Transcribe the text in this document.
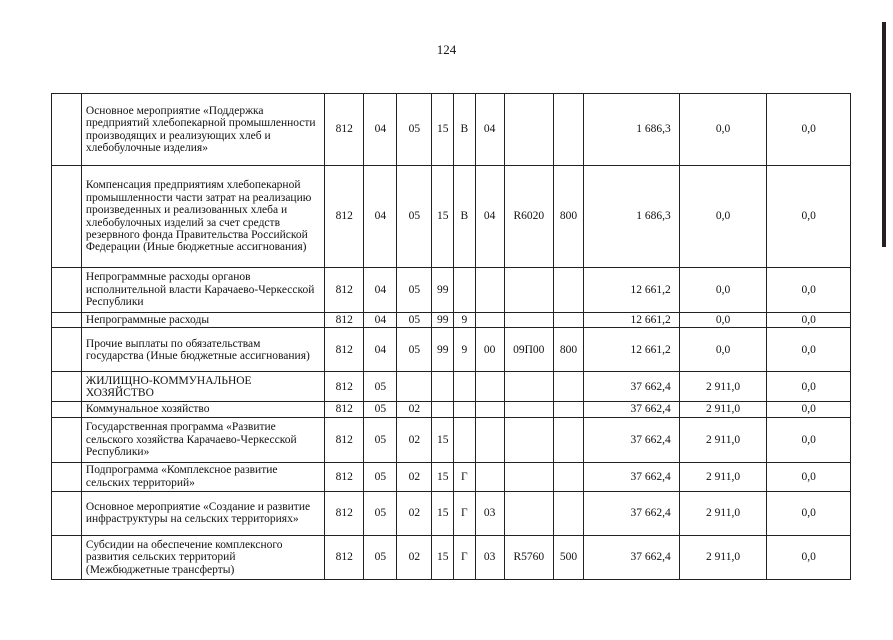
124
	Основное мероприятие «Поддержка предприятий хлебопекарной промышленности производящих и реализующих хлеб и хлебобулочные изделия»	812	04	05	15	В	04			1 686,3	0,0	0,0
	Компенсация предприятиям хлебопекарной промышленности части затрат на реализацию произведенных и реализованных хлеба и хлебобулочных изделий за счет средств резервного фонда Правительства Российской Федерации (Иные бюджетные ассигнования)	812	04	05	15	В	04	R6020	800	1 686,3	0,0	0,0
	Непрограммные расходы органов исполнительной власти Карачаево-Черкесской Республики	812	04	05	99					12 661,2	0,0	0,0
	Непрограммные расходы	812	04	05	99	9				12 661,2	0,0	0,0
	Прочие выплаты по обязательствам государства (Иные бюджетные ассигнования)	812	04	05	99	9	00	09П00	800	12 661,2	0,0	0,0
	ЖИЛИЩНО-КОММУНАЛЬНОЕ ХОЗЯЙСТВО	812	05							37 662,4	2 911,0	0,0
	Коммунальное хозяйство	812	05	02						37 662,4	2 911,0	0,0
	Государственная программа «Развитие сельского хозяйства Карачаево-Черкесской Республики»	812	05	02	15					37 662,4	2 911,0	0,0
	Подпрограмма «Комплексное развитие сельских территорий»	812	05	02	15	Г				37 662,4	2 911,0	0,0
	Основное мероприятие «Создание и развитие инфраструктуры на сельских территориях»	812	05	02	15	Г	03			37 662,4	2 911,0	0,0
	Субсидии на обеспечение комплексного развития сельских территорий (Межбюджетные трансферты)	812	05	02	15	Г	03	R5760	500	37 662,4	2 911,0	0,0
